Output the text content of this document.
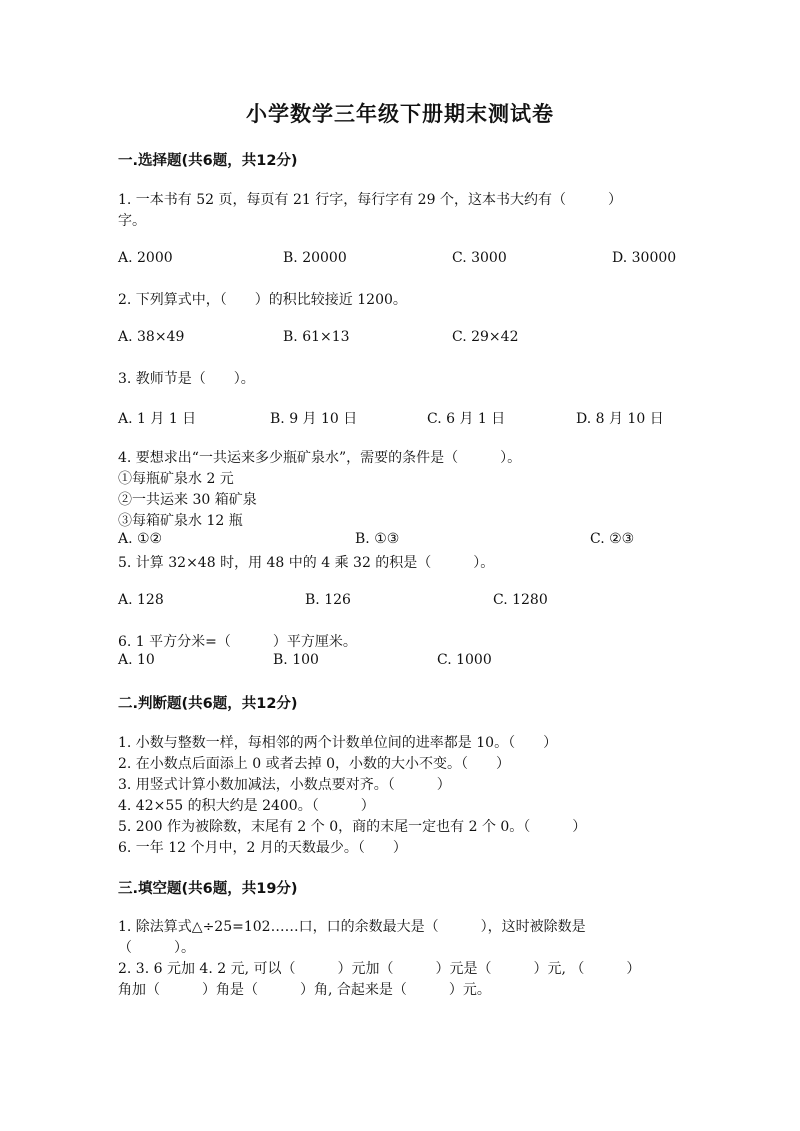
小学数学三年级下册期末测试卷
一.选择题(共6题，共12分)
1. 一本书有 52 页，每页有 21 行字，每行字有 29 个，这本书大约有（　　　）
字。
A. 2000	B. 20000	C. 3000	D. 30000
2. 下列算式中，（　　）的积比较接近 1200。
A. 38×49	B. 61×13	C. 29×42
3. 教师节是（　　）。
A. 1 月 1 日	B. 9 月 10 日	C. 6 月 1 日	D. 8 月 10 日
4. 要想求出“一共运来多少瓶矿泉水”，需要的条件是（　　　）。
①每瓶矿泉水 2 元
②一共运来 30 箱矿泉
③每箱矿泉水 12 瓶
A. ①②	B. ①③	C. ②③
5. 计算 32×48 时，用 48 中的 4 乘 32 的积是（　　　）。
A. 128	B. 126	C. 1280
6. 1 平方分米=（　　　）平方厘米。
A. 10	B. 100	C. 1000
二.判断题(共6题，共12分)
1. 小数与整数一样，每相邻的两个计数单位间的进率都是 10。（　　）
2. 在小数点后面添上 0 或者去掉 0，小数的大小不变。（　　）
3. 用竖式计算小数加减法，小数点要对齐。（　　　）
4. 42×55 的积大约是 2400。（　　　）
5. 200 作为被除数，末尾有 2 个 0，商的末尾一定也有 2 个 0。（　　　）
6. 一年 12 个月中，2 月的天数最少。（　　）
三.填空题(共6题，共19分)
1. 除法算式△÷25=102……口，口的余数最大是（　　　），这时被除数是
（　　　）。
2. 3. 6 元加 4. 2 元, 可以（　　　）元加（　　　）元是（　　　）元, （　　　）
角加（　　　）角是（　　　）角, 合起来是（　　　）元。
